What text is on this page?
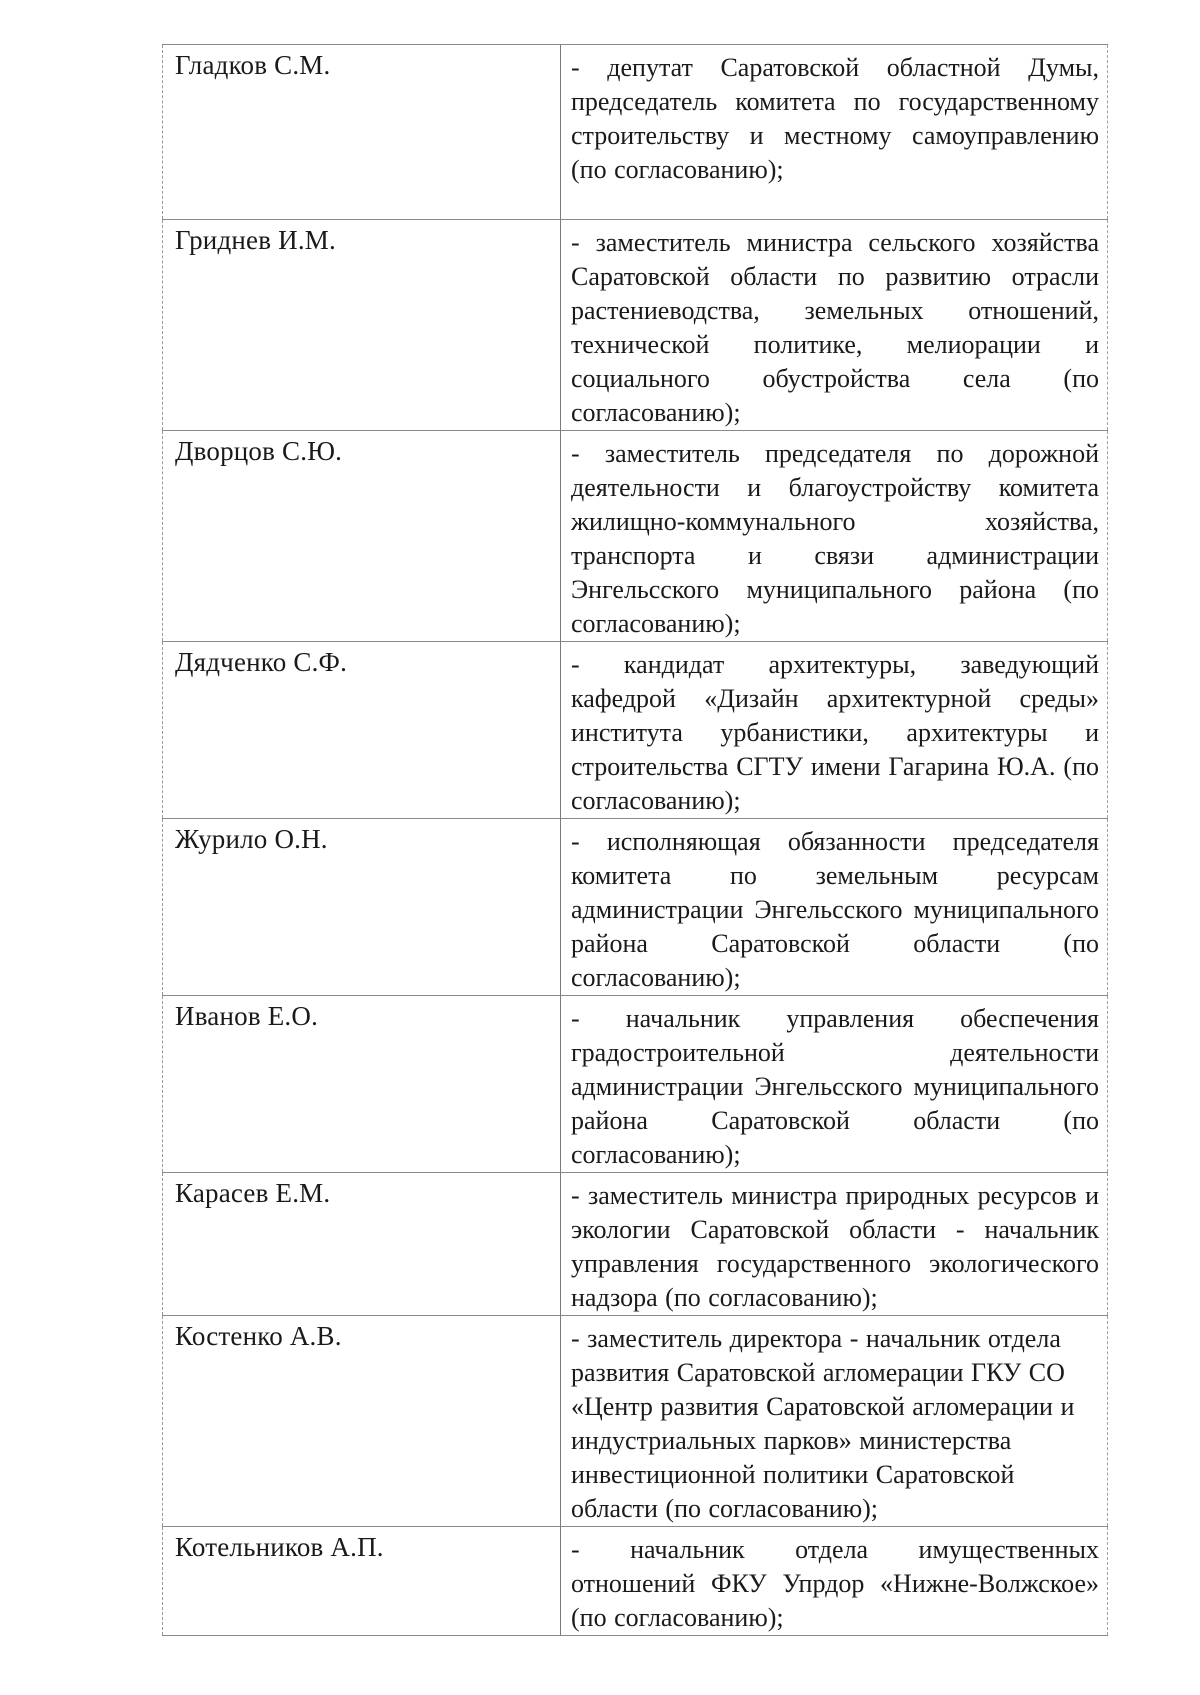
Гладков С.М.	- депутат Саратовской областной Думы, председатель комитета по государственному строительству и местному самоуправлению (по согласованию);

Гриднев И.М.	- заместитель министра сельского хозяйства Саратовской области по развитию отрасли растениеводства, земельных отношений, технической политике, мелиорации и социального обустройства села (по согласованию);

Дворцов С.Ю.	- заместитель председателя по дорожной деятельности и благоустройству комитета жилищно-коммунального хозяйства, транспорта и связи администрации Энгельсского муниципального района (по согласованию);

Дядченко С.Ф.	- кандидат архитектуры, заведующий кафедрой «Дизайн архитектурной среды» института урбанистики, архитектуры и строительства СГТУ имени Гагарина Ю.А. (по согласованию);

Журило О.Н.	- исполняющая обязанности председателя комитета по земельным ресурсам администрации Энгельсского муниципального района Саратовской области (по согласованию);

Иванов Е.О.	- начальник управления обеспечения градостроительной деятельности администрации Энгельсского муниципального района Саратовской области (по согласованию);

Карасев Е.М.	- заместитель министра природных ресурсов и экологии Саратовской области - начальник управления государственного экологического надзора (по согласованию);

Костенко А.В.	- заместитель директора - начальник отдела развития Саратовской агломерации ГКУ СО «Центр развития Саратовской агломерации и индустриальных парков» министерства инвестиционной политики Саратовской области (по согласованию);

Котельников А.П.	- начальник отдела имущественных отношений ФКУ Упрдор «Нижне-Волжское» (по согласованию);
